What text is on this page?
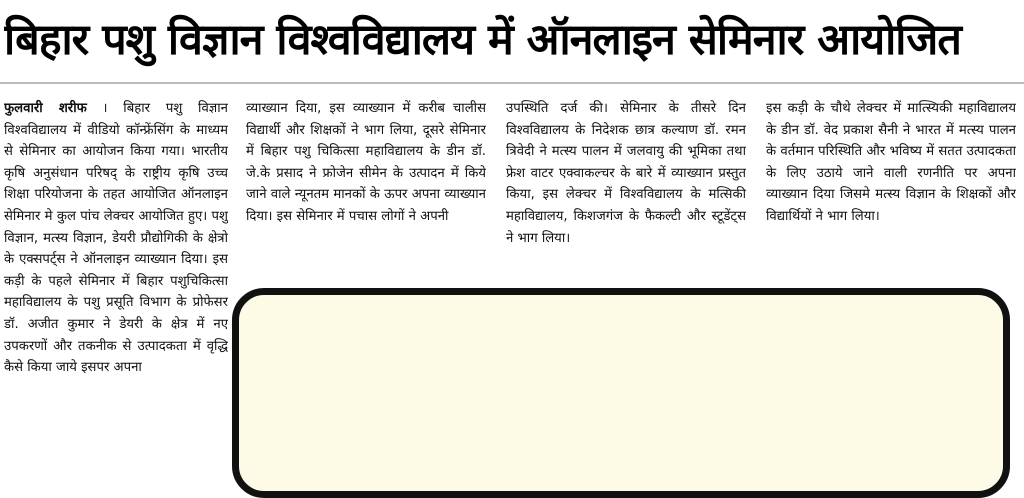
बिहार पशु विज्ञान विश्वविद्यालय में ऑनलाइन सेमिनार आयोजित

फुलवारी शरीफ । बिहार पशु विज्ञान विश्वविद्यालय में वीडियो कॉन्फ्रेंसिंग के माध्यम से सेमिनार का आयोजन किया गया। भारतीय कृषि अनुसंधान परिषद् के राष्ट्रीय कृषि उच्च शिक्षा परियोजना के तहत आयोजित ऑनलाइन सेमिनार मे कुल पांच लेक्चर आयोजित हुए। पशु विज्ञान, मत्स्य विज्ञान, डेयरी प्रौद्योगिकी के क्षेत्रो के एक्सपर्ट्स ने ऑनलाइन व्याख्यान दिया। इस कड़ी के पहले सेमिनार में बिहार पशुचिकित्सा महाविद्यालय के पशु प्रसूति विभाग के प्रोफेसर डॉ. अजीत कुमार ने डेयरी के क्षेत्र में नए उपकरणों और तकनीक से उत्पादकता में वृद्धि कैसे किया जाये इसपर अपना

व्याख्यान दिया, इस व्याख्यान में करीब चालीस विद्यार्थी और शिक्षकों ने भाग लिया, दूसरे सेमिनार में बिहार पशु चिकित्सा महाविद्यालय के डीन डॉ. जे.के प्रसाद ने फ्रोजेन सीमेन के उत्पादन में किये जाने वाले न्यूनतम मानकों के ऊपर अपना व्याख्यान दिया। इस सेमिनार में पचास लोगों ने अपनी

उपस्थिति दर्ज की। सेमिनार के तीसरे दिन विश्वविद्यालय के निदेशक छात्र कल्याण डॉ. रमन त्रिवेदी ने मत्स्य पालन में जलवायु की भूमिका तथा फ्रेश वाटर एक्वाकल्चर के बारे में व्याख्यान प्रस्तुत किया, इस लेक्चर में विश्वविद्यालय के मत्सिकी महाविद्यालय, किशजगंज के फैकल्टी और स्टूडेंट्स ने भाग लिया।

इस कड़ी के चौथे लेक्चर में मात्स्यिकी महाविद्यालय के डीन डॉ. वेद प्रकाश सैनी ने भारत में मत्स्य पालन के वर्तमान परिस्थिति और भविष्य में सतत उत्पादकता के लिए उठाये जाने वाली रणनीति पर अपना व्याख्यान दिया जिसमे मत्स्य विज्ञान के शिक्षकों और विद्यार्थियों ने भाग लिया।
